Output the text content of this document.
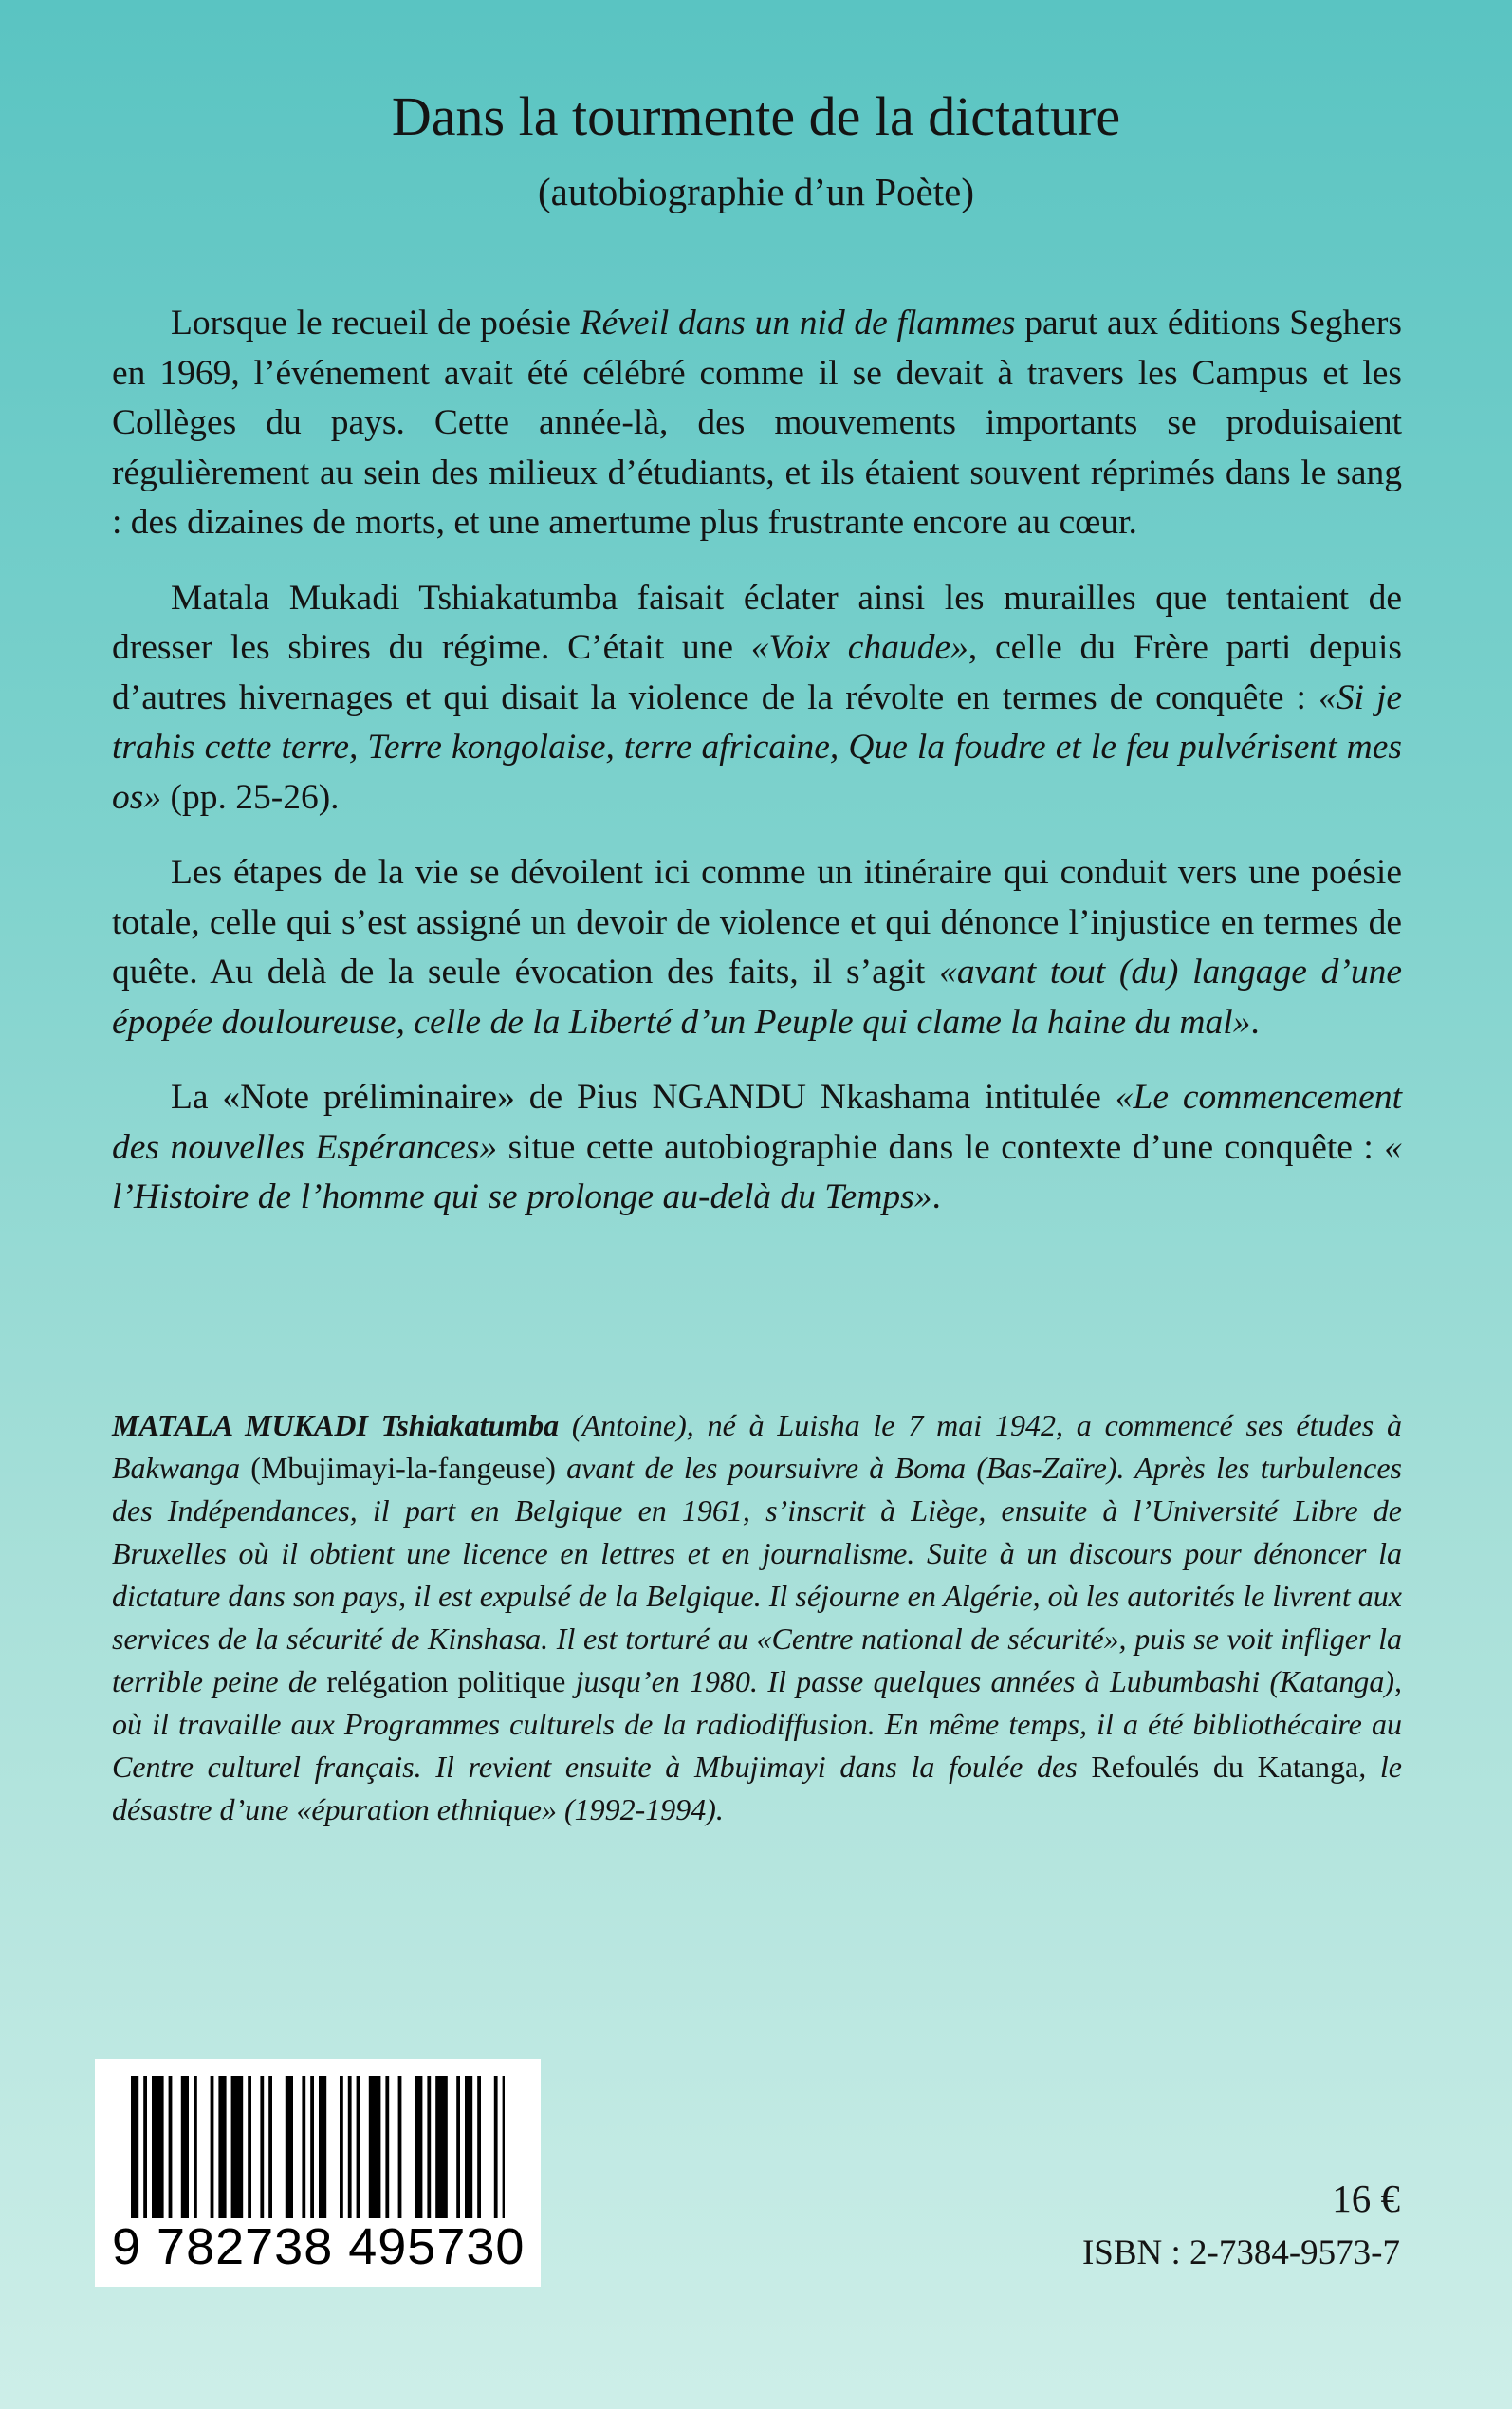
Dans la tourmente de la dictature
(autobiographie d’un Poète)

Lorsque le recueil de poésie Réveil dans un nid de flammes parut aux éditions Seghers en 1969, l’événement avait été célébré comme il se devait à travers les Campus et les Collèges du pays. Cette année-là, des mouvements importants se produisaient régulièrement au sein des milieux d’étudiants, et ils étaient souvent réprimés dans le sang : des dizaines de morts, et une amertume plus frustrante encore au cœur.

Matala Mukadi Tshiakatumba faisait éclater ainsi les murailles que tentaient de dresser les sbires du régime. C’était une «Voix chaude», celle du Frère parti depuis d’autres hivernages et qui disait la violence de la révolte en termes de conquête : «Si je trahis cette terre, Terre kongolaise, terre africaine, Que la foudre et le feu pulvérisent mes os» (pp. 25-26).

Les étapes de la vie se dévoilent ici comme un itinéraire qui conduit vers une poésie totale, celle qui s’est assigné un devoir de violence et qui dénonce l’injustice en termes de quête. Au delà de la seule évocation des faits, il s’agit «avant tout (du) langage d’une épopée douloureuse, celle de la Liberté d’un Peuple qui clame la haine du mal».

La «Note préliminaire» de Pius NGANDU Nkashama intitulée «Le commencement des nouvelles Espérances» situe cette autobiographie dans le contexte d’une conquête : « l’Histoire de l’homme qui se prolonge au-delà du Temps».

MATALA MUKADI Tshiakatumba (Antoine), né à Luisha le 7 mai 1942, a commencé ses études à Bakwanga (Mbujimayi-la-fangeuse) avant de les poursuivre à Boma (Bas-Zaïre). Après les turbulences des Indépendances, il part en Belgique en 1961, s’inscrit à Liège, ensuite à l’Université Libre de Bruxelles où il obtient une licence en lettres et en journalisme. Suite à un discours pour dénoncer la dictature dans son pays, il est expulsé de la Belgique. Il séjourne en Algérie, où les autorités le livrent aux services de la sécurité de Kinshasa. Il est torturé au «Centre national de sécurité», puis se voit infliger la terrible peine de relégation politique jusqu’en 1980. Il passe quelques années à Lubumbashi (Katanga), où il travaille aux Programmes culturels de la radiodiffusion. En même temps, il a été bibliothécaire au Centre culturel français. Il revient ensuite à Mbujimayi dans la foulée des Refoulés du Katanga, le désastre d’une «épuration ethnique» (1992-1994).
9 782738 495730
16 €
ISBN : 2-7384-9573-7
